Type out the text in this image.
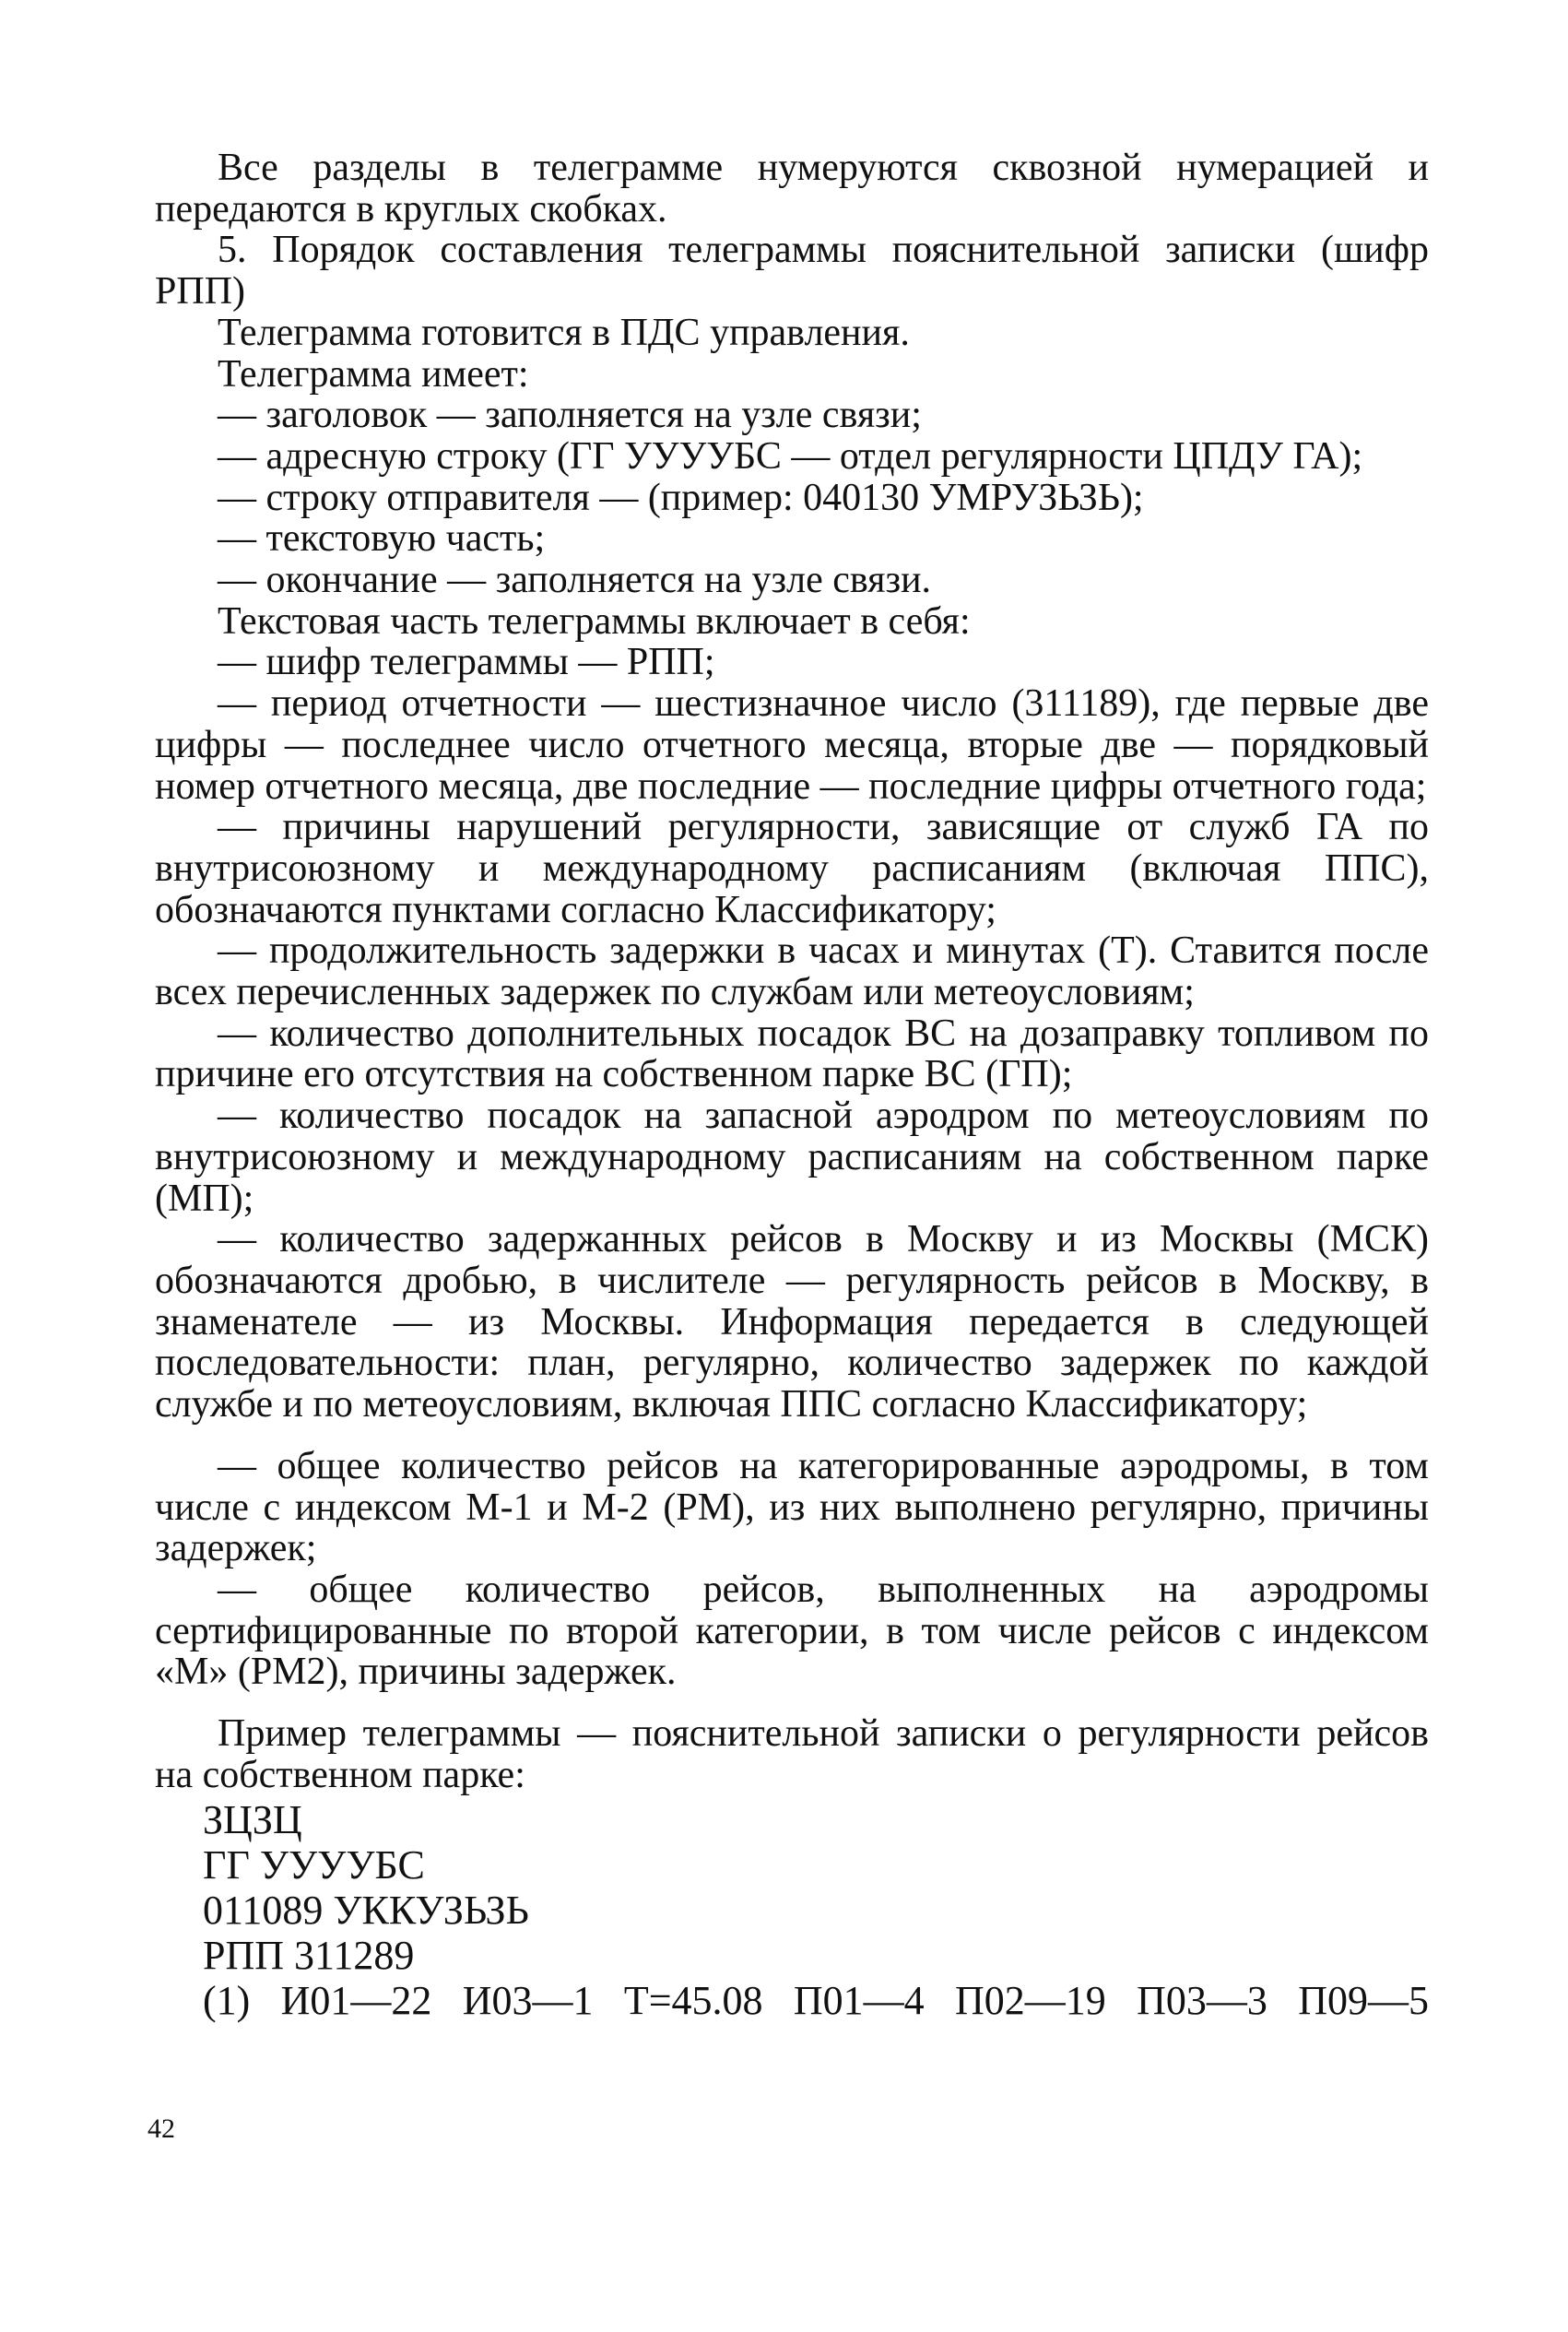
Все разделы в телеграмме нумеруются сквозной нумерацией и передаются в круглых скобках.

5. Порядок составления телеграммы пояснительной записки (шифр РПП)

Телеграмма готовится в ПДС управления.

Телеграмма имеет:

— заголовок — заполняется на узле связи;

— адресную строку (ГГ УУУУБС — отдел регулярности ЦПДУ ГА);

— строку отправителя — (пример: 040130 УМРУЗЬЗЬ);

— текстовую часть;

— окончание — заполняется на узле связи.

Текстовая часть телеграммы включает в себя:

— шифр телеграммы — РПП;

— период отчетности — шестизначное число (311189), где первые две цифры — последнее число отчетного месяца, вторые две — порядковый номер отчетного месяца, две последние — последние цифры отчетного года;

— причины нарушений регулярности, зависящие от служб ГА по внутрисоюзному и международному расписаниям (включая ППС), обозначаются пунктами согласно Классификатору;

— продолжительность задержки в часах и минутах (Т). Ставится после всех перечисленных задержек по службам или метеоусловиям;

— количество дополнительных посадок ВС на дозаправку топливом по причине его отсутствия на собственном парке ВС (ГП);

— количество посадок на запасной аэродром по метеоусловиям по внутрисоюзному и международному расписаниям на собственном парке (МП);

— количество задержанных рейсов в Москву и из Москвы (МСК) обозначаются дробью, в числителе — регулярность рейсов в Москву, в знаменателе — из Москвы. Информация передается в следующей последовательности: план, регулярно, количество задержек по каждой службе и по метеоусловиям, включая ППС согласно Классификатору;

— общее количество рейсов на категорированные аэродромы, в том числе с индексом М-1 и М-2 (РМ), из них выполнено регулярно, причины задержек;

— общее количество рейсов, выполненных на аэродромы сертифицированные по второй категории, в том числе рейсов с индексом «М» (РМ2), причины задержек.

Пример телеграммы — пояснительной записки о регулярности рейсов на собственном парке:

ЗЦЗЦ

ГГ УУУУБС

011089 УККУЗЬЗЬ

РПП 311289

(1) И01—22 И03—1 Т=45.08 П01—4 П02—19 П03—3 П09—5

42
